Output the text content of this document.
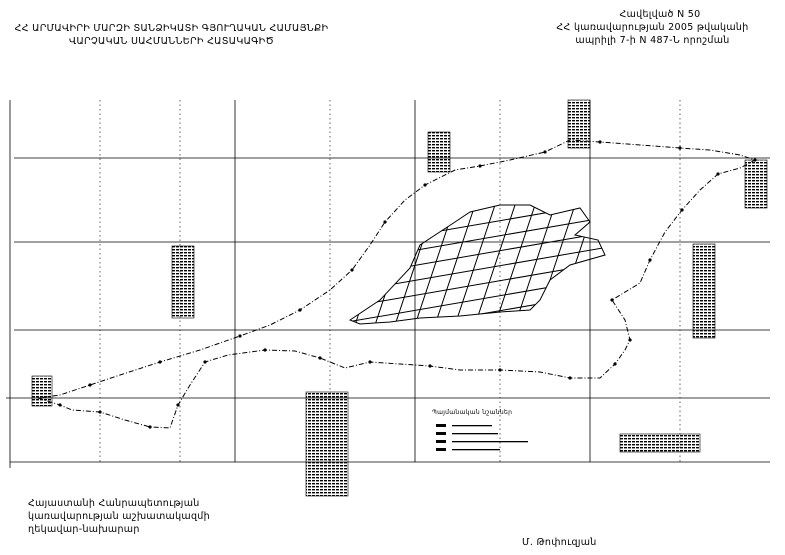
ՀՀ ԱՐՄԱՎԻՐԻ ՄԱՐԶԻ ՏԱՆՁԻԿԱՏԻ ԳՅՈՒՂԱԿԱՆ ՀԱՄԱՅՆՔԻ
ՎԱՐՉԱԿԱՆ ՍԱՀՄԱՆՆԵՐԻ ՀԱՏԱԿԱԳԻԾ
Հավելված N 50
ՀՀ կառավարության 2005 թվականի
ապրիլի 7-ի N 487-Ն որոշման
Պայմանական նշաններ
Հայաստանի Հանրապետության
կառավարության աշխատակազմի
ղեկավար-նախարար
Մ. Թոփուզյան
